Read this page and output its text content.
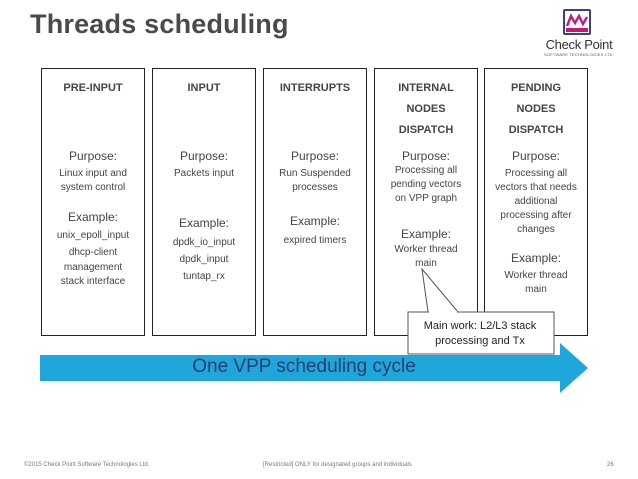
Threads scheduling
Check Point
SOFTWARE TECHNOLOGIES LTD.
PRE-INPUT
Purpose:
Linux input and
system control
Example:
unix_epoll_input
dhcp-client
management
stack interface
INPUT
Purpose:
Packets input
Example:
dpdk_io_input
dpdk_input
tuntap_rx
INTERRUPTS
Purpose:
Run Suspended
processes
Example:
expired timers
INTERNAL
NODES
DISPATCH
Purpose:
Processing all
pending vectors
on VPP graph
Example:
Worker thread
main
PENDING
NODES
DISPATCH
Purpose:
Processing all
vectors that needs
additional
processing after
changes
Example:
Worker thread
main
One VPP scheduling cycle
Main work: L2/L3 stack
processing and Tx
©2015 Check Point Software Technologies Ltd.	[Restricted] ONLY for designated groups and individuals	26
